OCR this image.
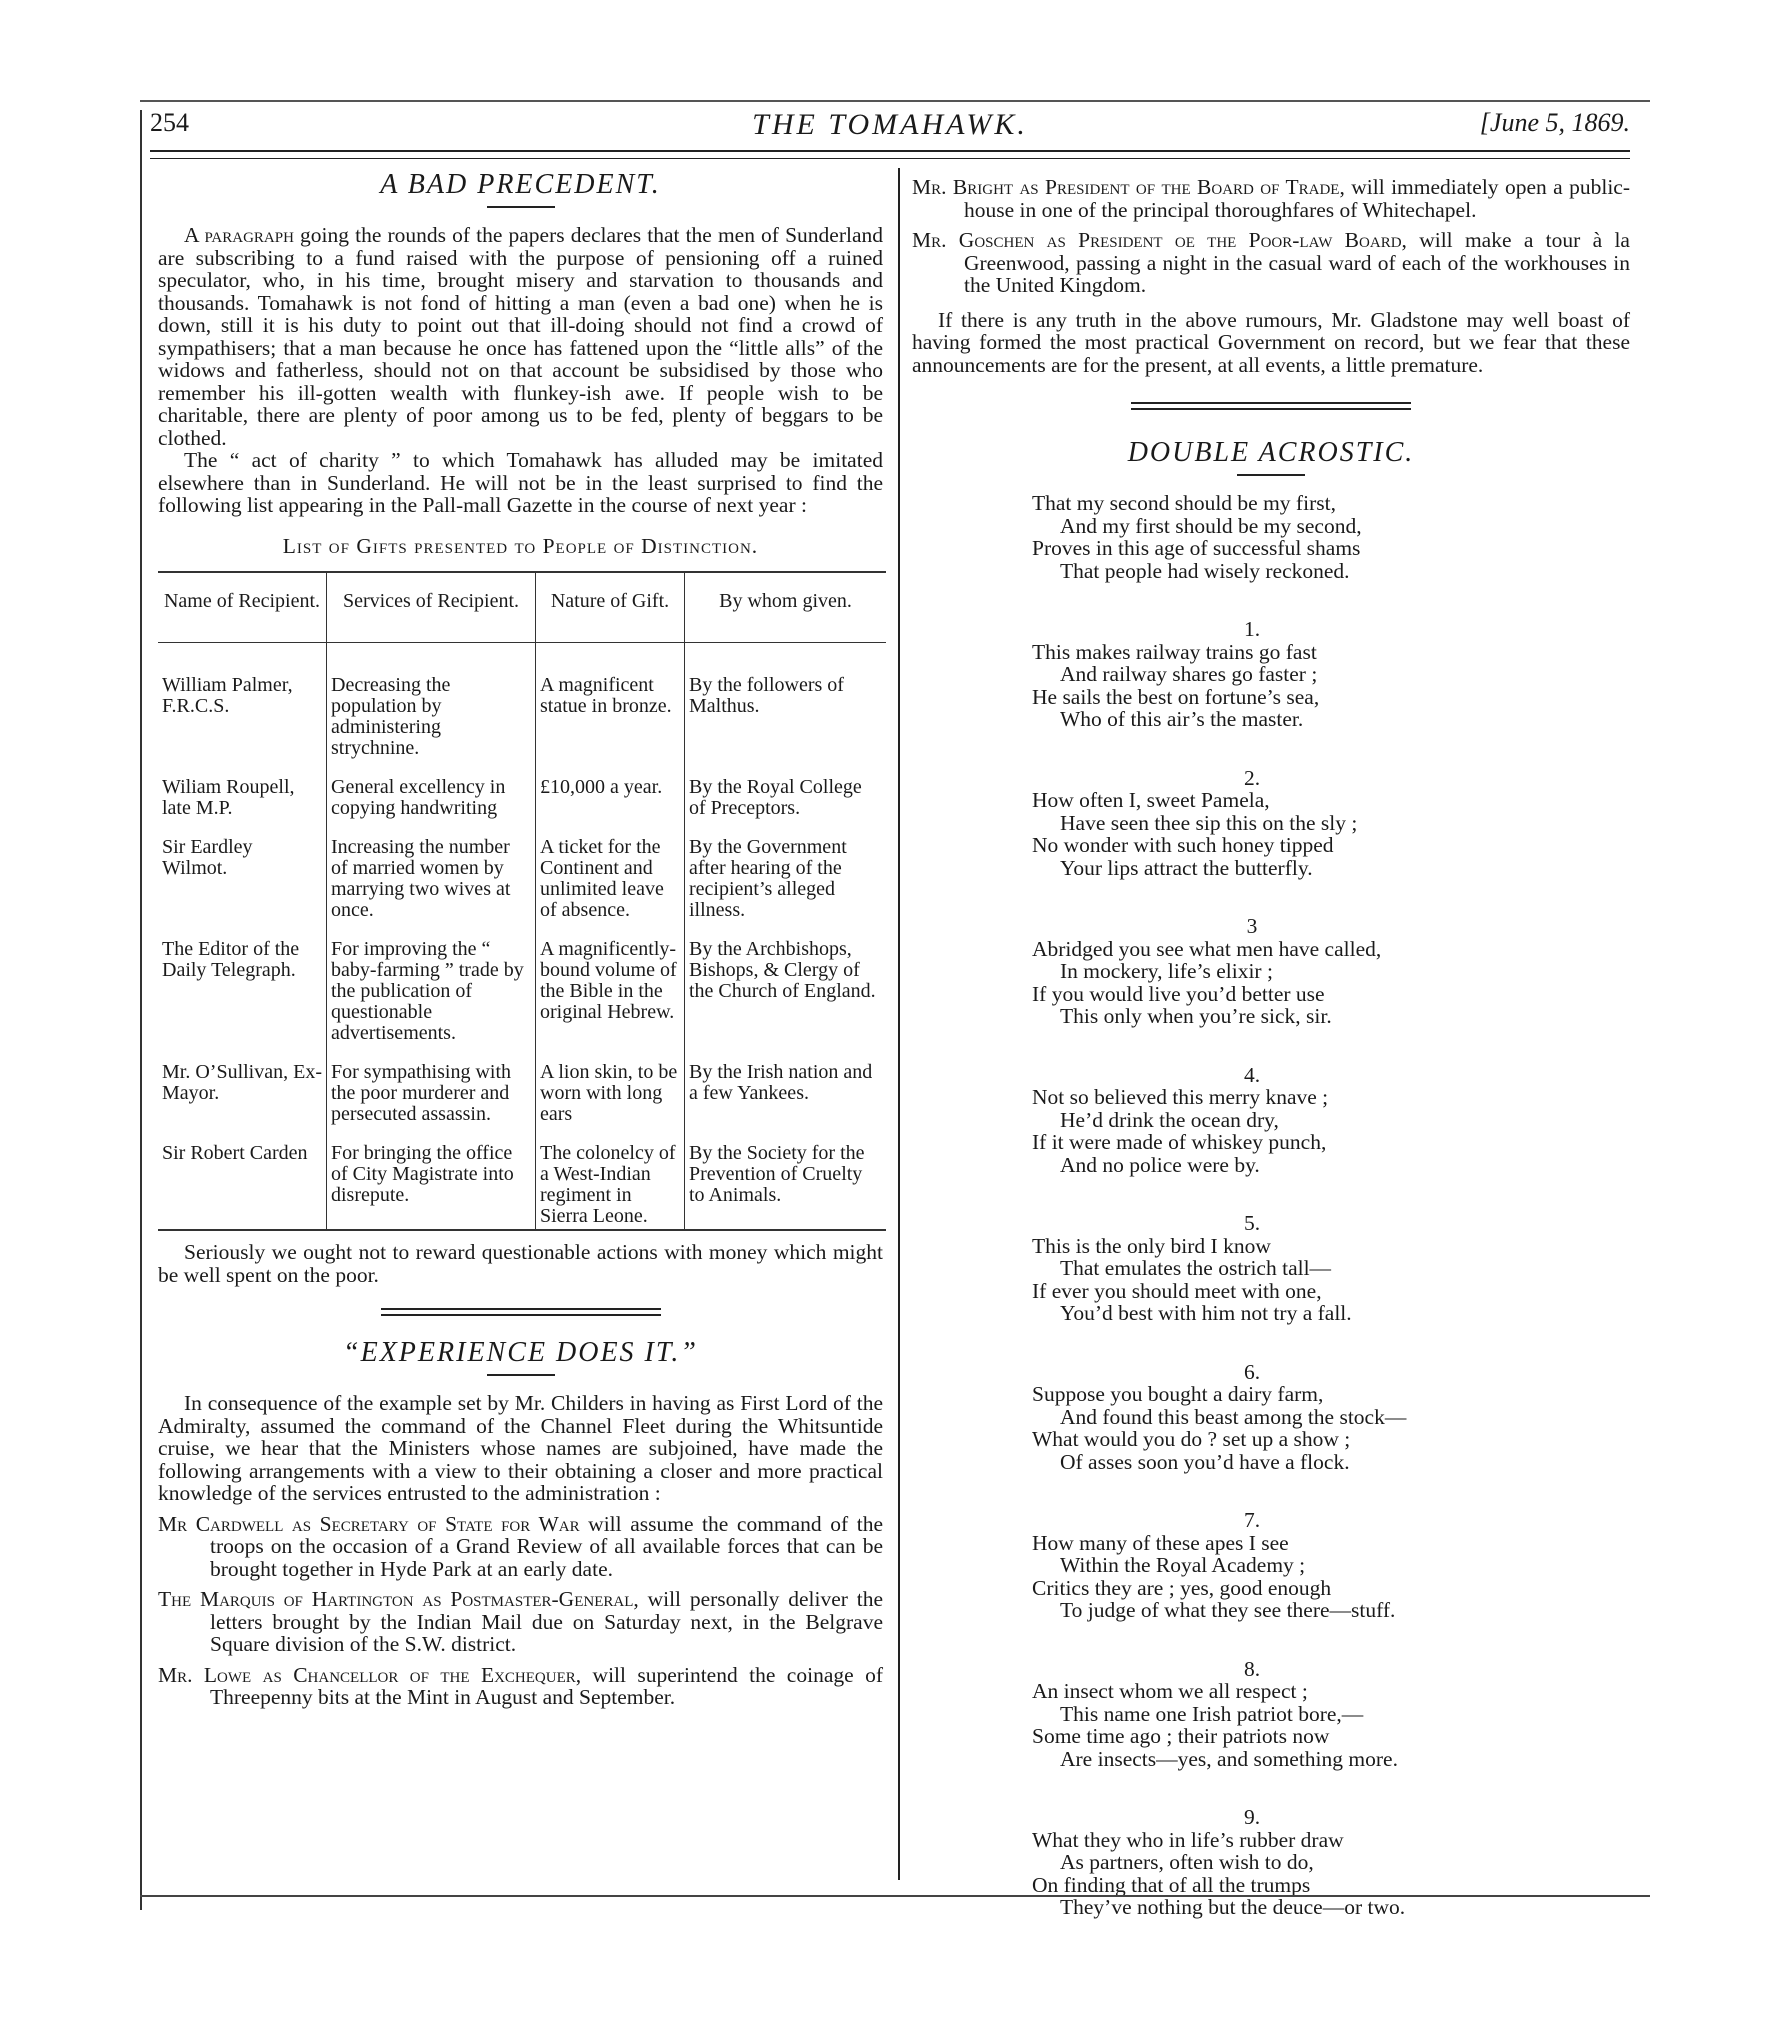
254	THE TOMAHAWK.	[June 5, 1869.
A BAD PRECEDENT.

A paragraph going the rounds of the papers declares that the men of Sunderland are subscribing to a fund raised with the purpose of pensioning off a ruined speculator, who, in his time, brought misery and starvation to thousands and thousands. Tomahawk is not fond of hitting a man (even a bad one) when he is down, still it is his duty to point out that ill-doing should not find a crowd of sympathisers; that a man because he once has fattened upon the “little alls” of the widows and fatherless, should not on that account be subsidised by those who remember his ill-gotten wealth with flunkey-ish awe. If people wish to be charitable, there are plenty of poor among us to be fed, plenty of beggars to be clothed.

The “ act of charity ” to which Tomahawk has alluded may be imitated elsewhere than in Sunderland. He will not be in the least surprised to find the following list appearing in the Pall-mall Gazette in the course of next year :

List of Gifts presented to People of Distinction.

Name of Recipient.	Services of Recipient.	Nature of Gift.	By whom given.
William Palmer, F.R.C.S.	Decreasing the population by administering strychnine.	A magnificent statue in bronze.	By the followers of Malthus.
Wiliam Roupell, late M.P.	General excellency in copying handwriting	£10,000 a year.	By the Royal College of Preceptors.
Sir Eardley Wilmot.	Increasing the number of married women by marrying two wives at once.	A ticket for the Continent and unlimited leave of absence.	By the Government after hearing of the recipient’s alleged illness.
The Editor of the Daily Telegraph.	For improving the “ baby-farming ” trade by the publication of questionable advertisements.	A magnificently-bound volume of the Bible in the original Hebrew.	By the Archbishops, Bishops, & Clergy of the Church of England.
Mr. O’Sullivan, Ex-Mayor.	For sympathising with the poor murderer and persecuted assassin.	A lion skin, to be worn with long ears	By the Irish nation and a few Yankees.
Sir Robert Carden	For bringing the office of City Magistrate into disrepute.	The colonelcy of a West-Indian regiment in Sierra Leone.	By the Society for the Prevention of Cruelty to Animals.

Seriously we ought not to reward questionable actions with money which might be well spent on the poor.

“EXPERIENCE DOES IT.”

In consequence of the example set by Mr. Childers in having as First Lord of the Admiralty, assumed the command of the Channel Fleet during the Whitsuntide cruise, we hear that the Ministers whose names are subjoined, have made the following arrangements with a view to their obtaining a closer and more practical knowledge of the services entrusted to the administration :

Mr Cardwell as Secretary of State for War will assume the command of the troops on the occasion of a Grand Review of all available forces that can be brought together in Hyde Park at an early date.

The Marquis of Hartington as Postmaster-General, will personally deliver the letters brought by the Indian Mail due on Saturday next, in the Belgrave Square division of the S.W. district.

Mr. Lowe as Chancellor of the Exchequer, will superintend the coinage of Threepenny bits at the Mint in August and September.

Mr. Bright as President of the Board of Trade, will immediately open a public-house in one of the principal thoroughfares of Whitechapel.

Mr. Goschen as President oe the Poor-law Board, will make a tour à la Greenwood, passing a night in the casual ward of each of the workhouses in the United Kingdom.

If there is any truth in the above rumours, Mr. Gladstone may well boast of having formed the most practical Government on record, but we fear that these announcements are for the present, at all events, a little premature.

DOUBLE ACROSTIC.
That my second should be my first,
And my first should be my second,
Proves in this age of successful shams
That people had wisely reckoned.
1.
This makes railway trains go fast
And railway shares go faster ;
He sails the best on fortune’s sea,
Who of this air’s the master.
2.
How often I, sweet Pamela,
Have seen thee sip this on the sly ;
No wonder with such honey tipped
Your lips attract the butterfly.
3
Abridged you see what men have called,
In mockery, life’s elixir ;
If you would live you’d better use
This only when you’re sick, sir.
4.
Not so believed this merry knave ;
He’d drink the ocean dry,
If it were made of whiskey punch,
And no police were by.
5.
This is the only bird I know
That emulates the ostrich tall—
If ever you should meet with one,
You’d best with him not try a fall.
6.
Suppose you bought a dairy farm,
And found this beast among the stock—
What would you do ? set up a show ;
Of asses soon you’d have a flock.
7.
How many of these apes I see
Within the Royal Academy ;
Critics they are ; yes, good enough
To judge of what they see there—stuff.
8.
An insect whom we all respect ;
This name one Irish patriot bore,—
Some time ago ; their patriots now
Are insects—yes, and something more.
9.
What they who in life’s rubber draw
As partners, often wish to do,
On finding that of all the trumps
They’ve nothing but the deuce—or two.
